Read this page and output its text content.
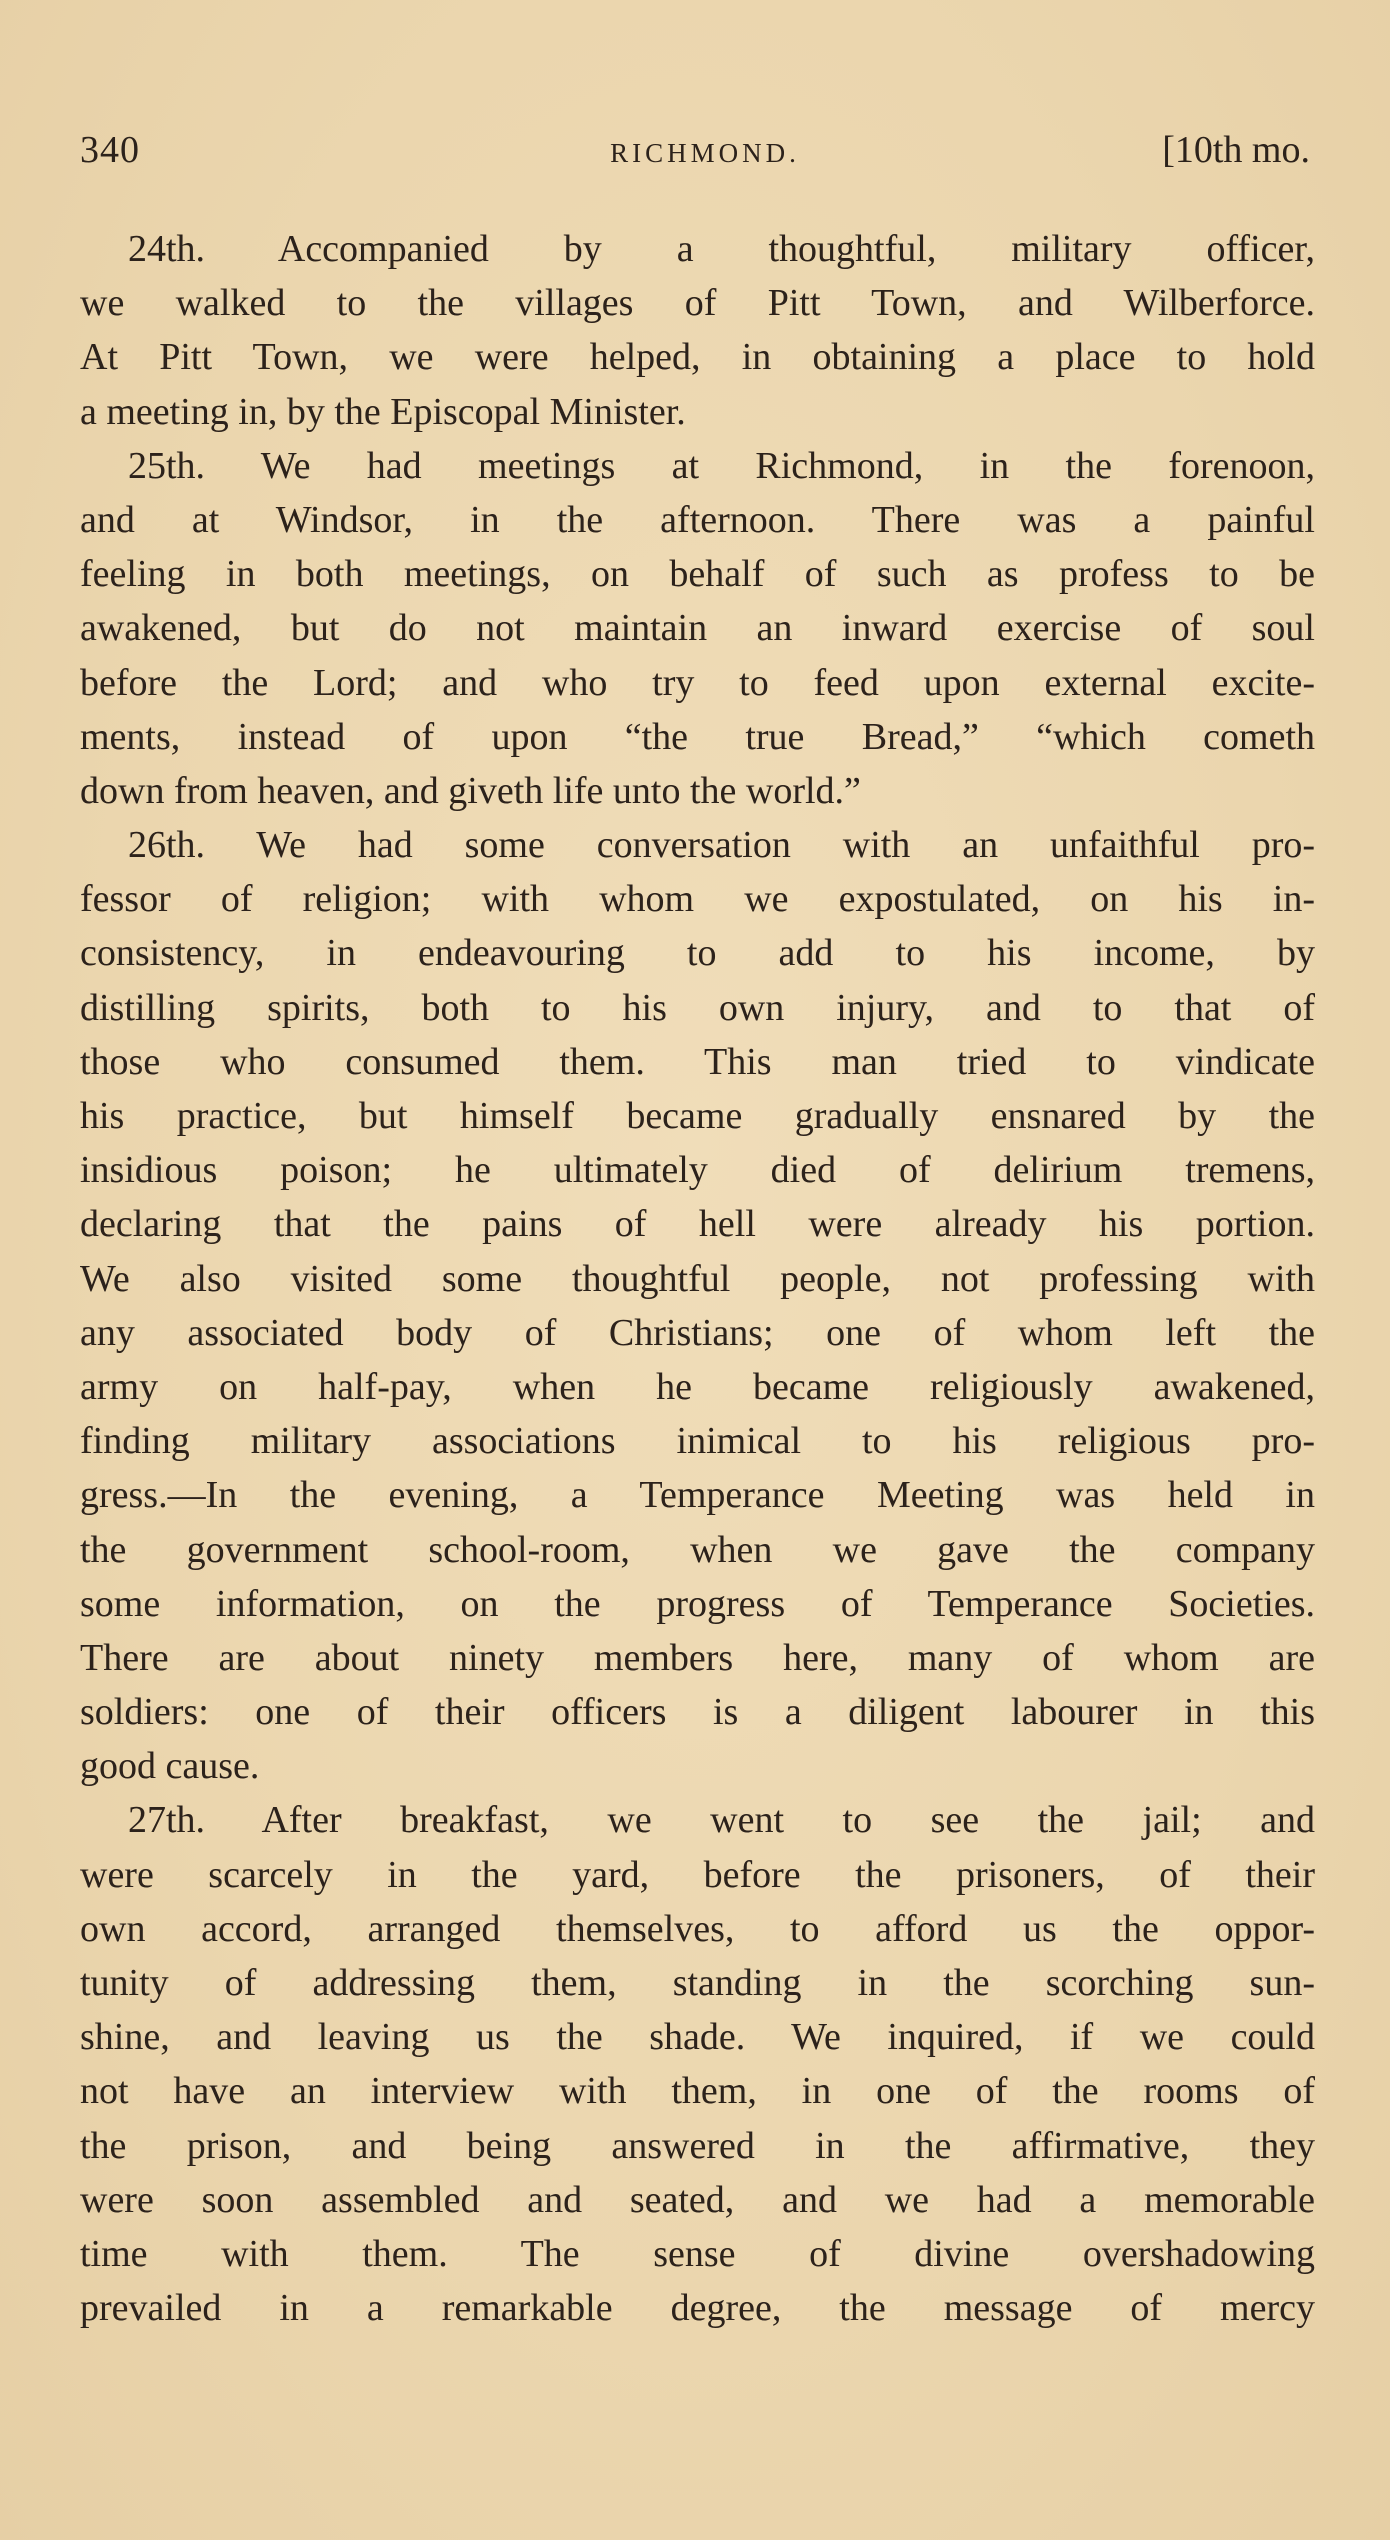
340	RICHMOND.	[10th mo.
24th. Accompanied by a thoughtful, military officer,
we walked to the villages of Pitt Town, and Wilberforce.
At Pitt Town, we were helped, in obtaining a place to hold
a meeting in, by the Episcopal Minister.
25th. We had meetings at Richmond, in the forenoon,
and at Windsor, in the afternoon. There was a painful
feeling in both meetings, on behalf of such as profess to be
awakened, but do not maintain an inward exercise of soul
before the Lord; and who try to feed upon external excite-
ments, instead of upon “the true Bread,” “which cometh
down from heaven, and giveth life unto the world.”
26th. We had some conversation with an unfaithful pro-
fessor of religion; with whom we expostulated, on his in-
consistency, in endeavouring to add to his income, by
distilling spirits, both to his own injury, and to that of
those who consumed them. This man tried to vindicate
his practice, but himself became gradually ensnared by the
insidious poison; he ultimately died of delirium tremens,
declaring that the pains of hell were already his portion.
We also visited some thoughtful people, not professing with
any associated body of Christians; one of whom left the
army on half-pay, when he became religiously awakened,
finding military associations inimical to his religious pro-
gress.—In the evening, a Temperance Meeting was held in
the government school-room, when we gave the company
some information, on the progress of Temperance Societies.
There are about ninety members here, many of whom are
soldiers: one of their officers is a diligent labourer in this
good cause.
27th. After breakfast, we went to see the jail; and
were scarcely in the yard, before the prisoners, of their
own accord, arranged themselves, to afford us the oppor-
tunity of addressing them, standing in the scorching sun-
shine, and leaving us the shade. We inquired, if we could
not have an interview with them, in one of the rooms of
the prison, and being answered in the affirmative, they
were soon assembled and seated, and we had a memorable
time with them. The sense of divine overshadowing
prevailed in a remarkable degree, the message of mercy
